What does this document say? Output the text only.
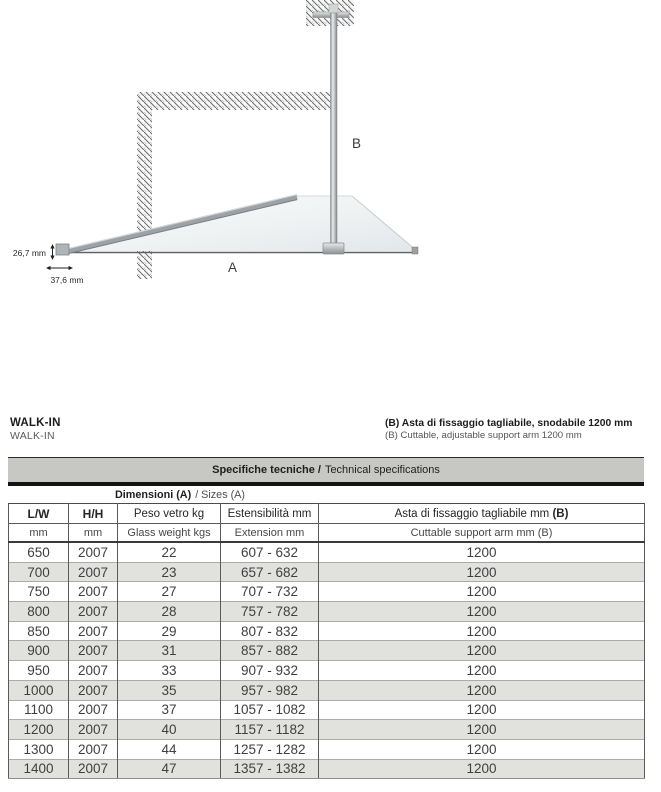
26,7 mm
37,6 mm
B
A
WALK-IN
WALK-IN
(B) Asta di fissaggio tagliabile, snodabile 1200 mm
(B) Cuttable, adjustable support arm 1200 mm
Specifiche tecniche / Technical specifications
Dimensioni (A) / Sizes (A)
L/W	H/H	Peso vetro kg	Estensibilità mm	Asta di fissaggio tagliabile mm (B)
mm	mm	Glass weight kgs	Extension mm	Cuttable support arm mm (B)
650	2007	22	607 - 632	1200
700	2007	23	657 - 682	1200
750	2007	27	707 - 732	1200
800	2007	28	757 - 782	1200
850	2007	29	807 - 832	1200
900	2007	31	857 - 882	1200
950	2007	33	907 - 932	1200
1000	2007	35	957 - 982	1200
1100	2007	37	1057 - 1082	1200
1200	2007	40	1157 - 1182	1200
1300	2007	44	1257 - 1282	1200
1400	2007	47	1357 - 1382	1200
